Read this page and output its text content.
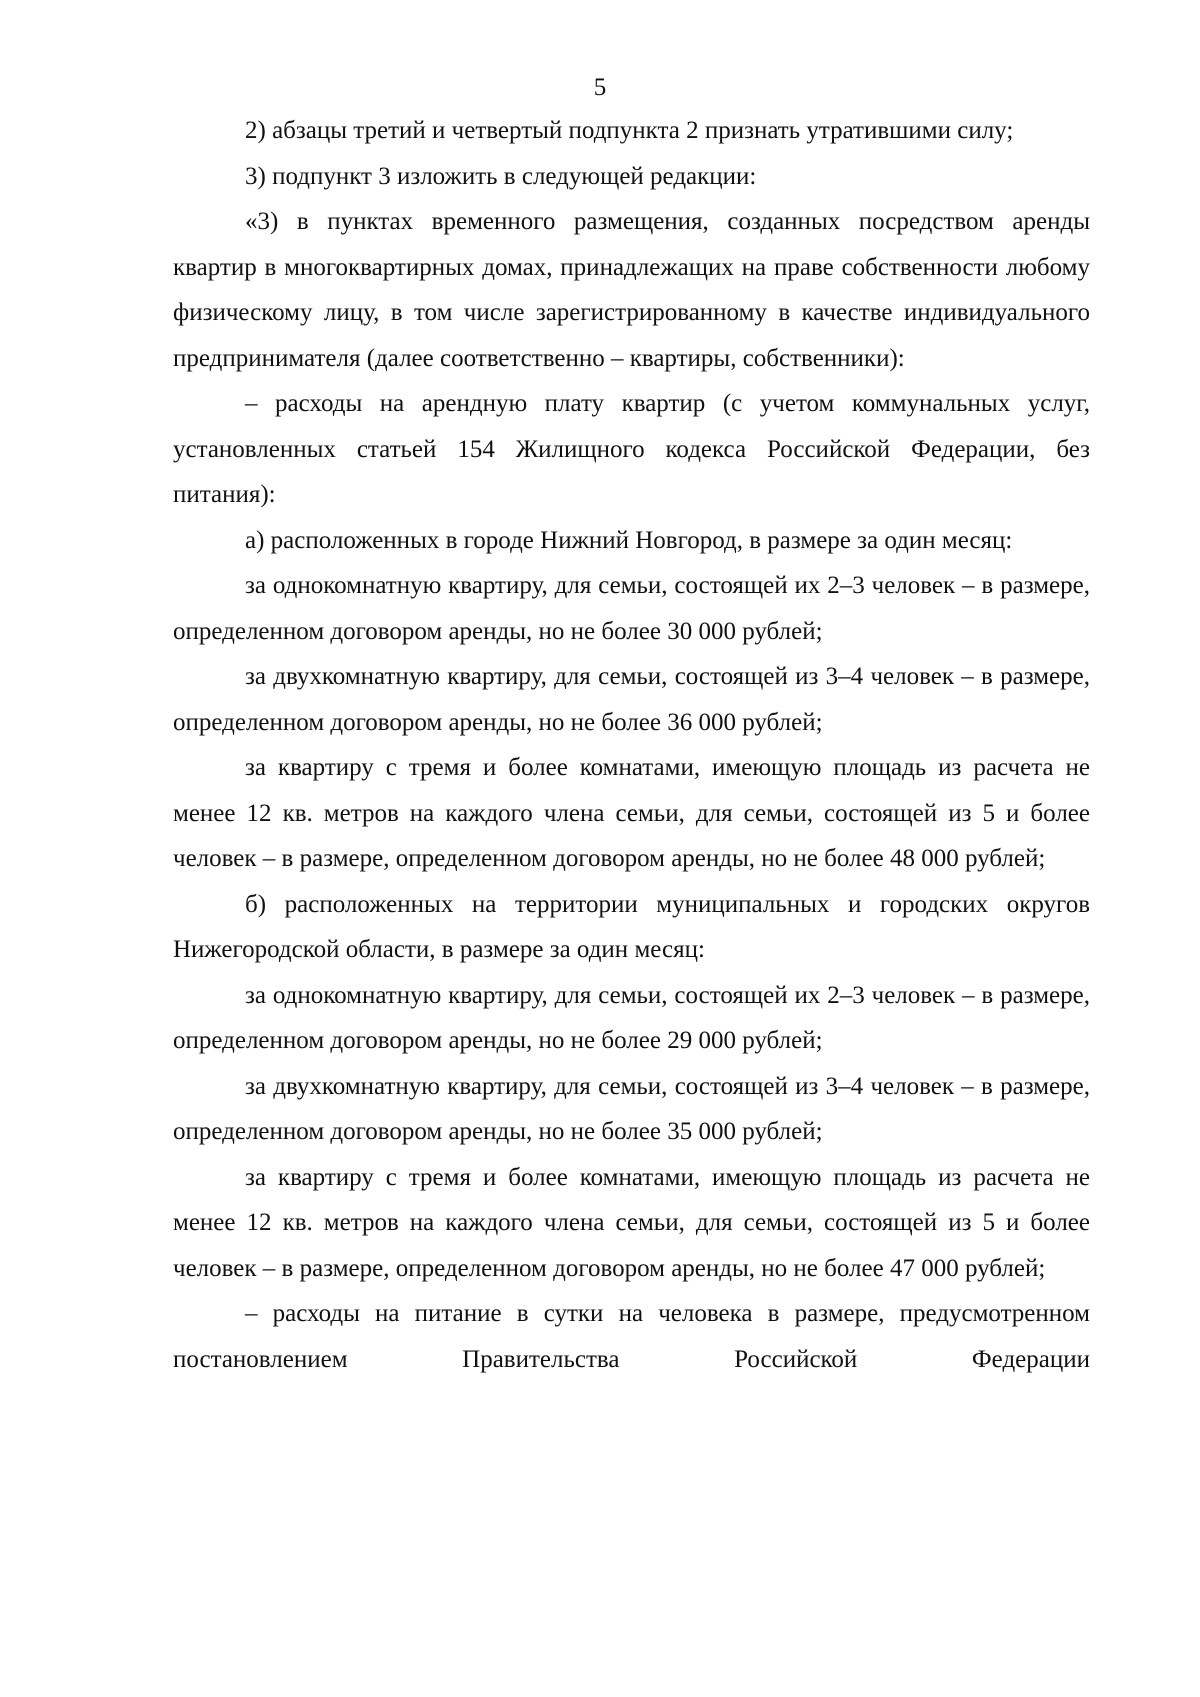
5

2) абзацы третий и четвертый подпункта 2 признать утратившими силу;

3) подпункт 3 изложить в следующей редакции:

«3) в пунктах временного размещения, созданных посредством аренды квартир в многоквартирных домах, принадлежащих на праве собственности любому физическому лицу, в том числе зарегистрированному в качестве индивидуального предпринимателя (далее соответственно – квартиры, собственники):

– расходы на арендную плату квартир (с учетом коммунальных услуг, установленных статьей 154 Жилищного кодекса Российской Федерации, без питания):

а) расположенных в городе Нижний Новгород, в размере за один месяц:

за однокомнатную квартиру, для семьи, состоящей их 2–3 человек – в размере, определенном договором аренды, но не более 30 000 рублей;

за двухкомнатную квартиру, для семьи, состоящей из 3–4 человек – в размере, определенном договором аренды, но не более 36 000 рублей;

за квартиру с тремя и более комнатами, имеющую площадь из расчета не менее 12 кв. метров на каждого члена семьи, для семьи, состоящей из 5 и более человек – в размере, определенном договором аренды, но не более 48 000 рублей;

б) расположенных на территории муниципальных и городских округов Нижегородской области, в размере за один месяц:

за однокомнатную квартиру, для семьи, состоящей их 2–3 человек – в размере, определенном договором аренды, но не более 29 000 рублей;

за двухкомнатную квартиру, для семьи, состоящей из 3–4 человек – в размере, определенном договором аренды, но не более 35 000 рублей;

за квартиру с тремя и более комнатами, имеющую площадь из расчета не менее 12 кв. метров на каждого члена семьи, для семьи, состоящей из 5 и более человек – в размере, определенном договором аренды, но не более 47 000 рублей;

– расходы на питание в сутки на человека в размере, предусмотренном постановлением Правительства Российской Федерации
